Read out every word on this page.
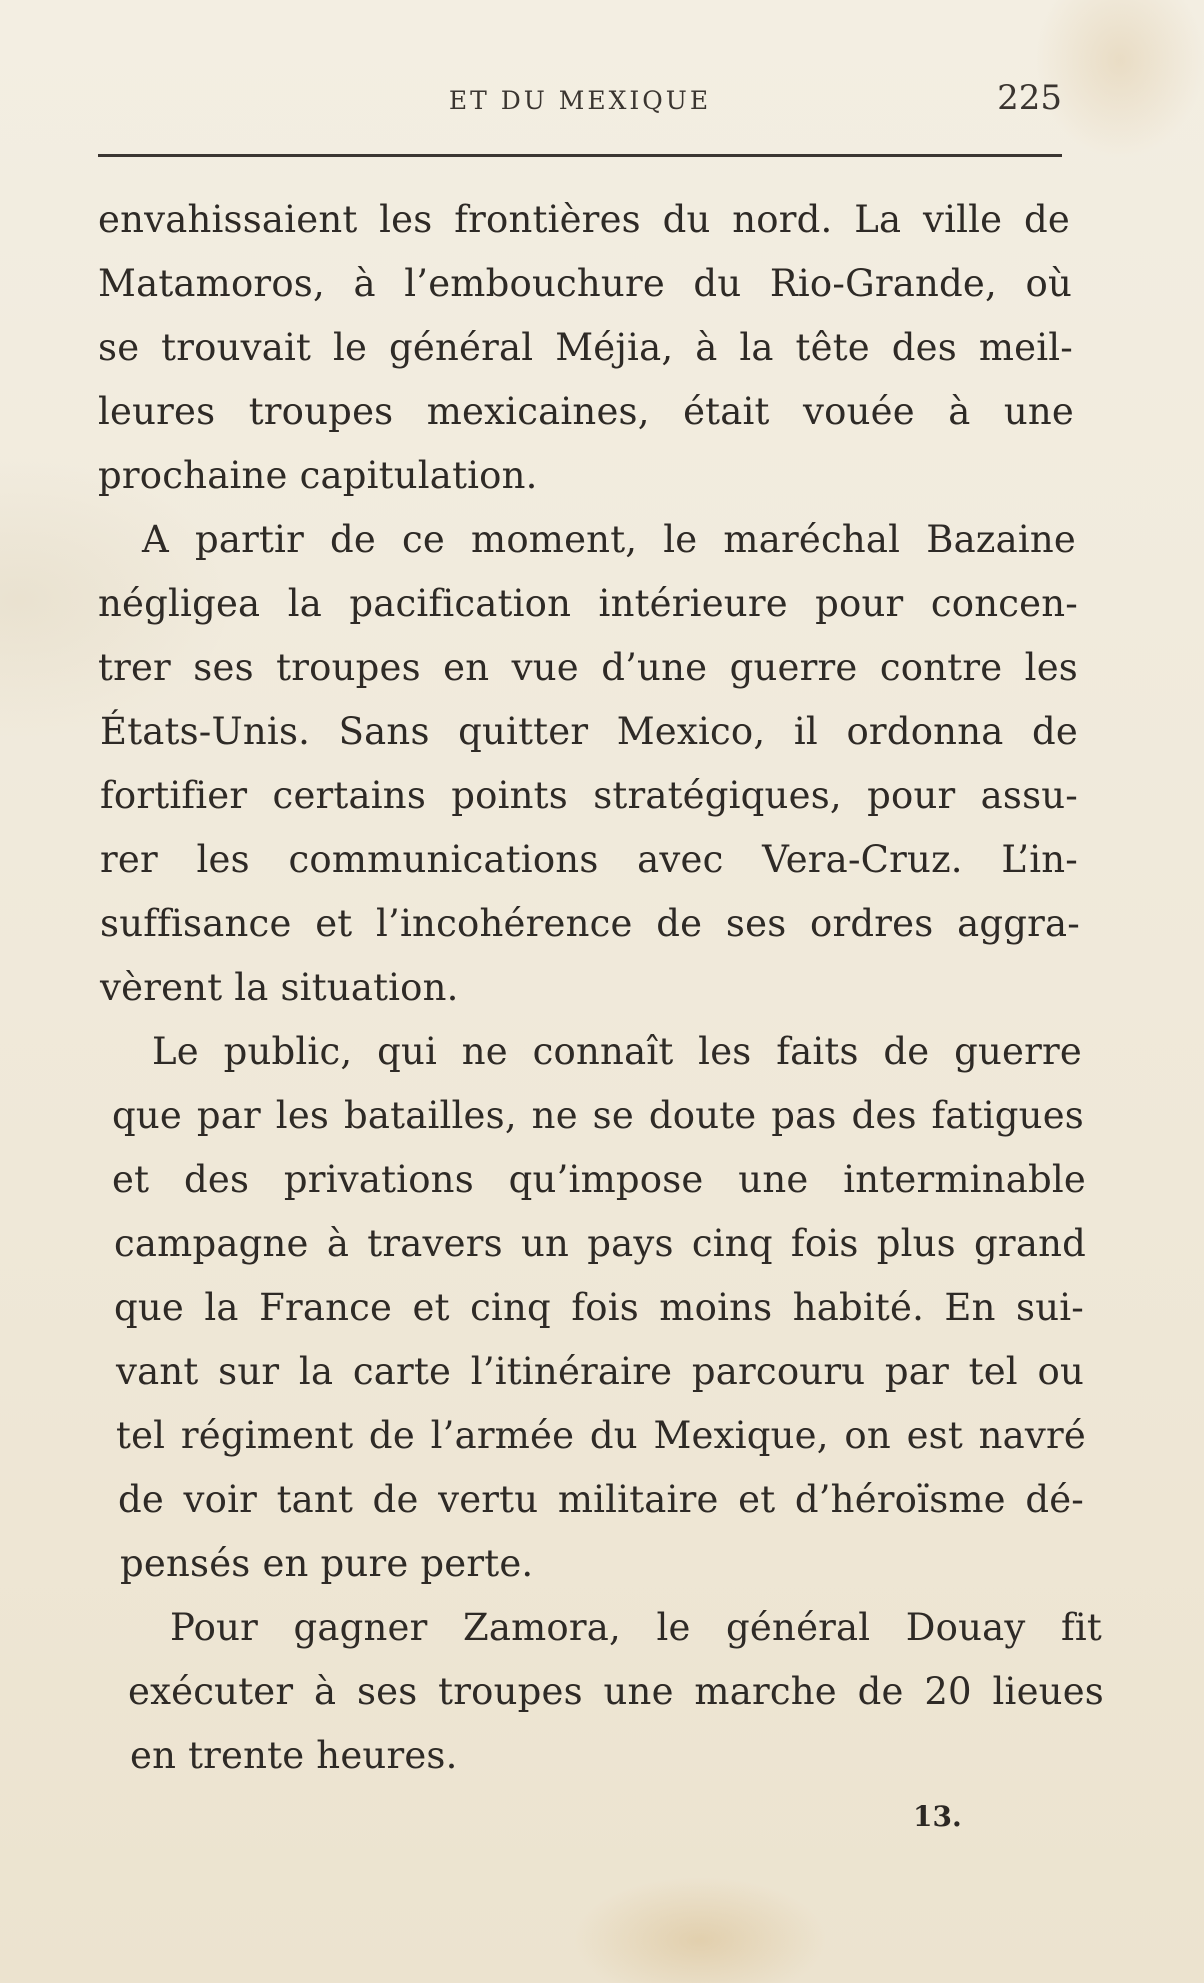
ET DU MEXIQUE	225
envahissaient les frontières du nord. La ville de
Matamoros, à l’embouchure du Rio-Grande, où
se trouvait le général Méjia, à la tête des meil-
leures troupes mexicaines, était vouée à une
prochaine capitulation.
A partir de ce moment, le maréchal Bazaine
négligea la pacification intérieure pour concen-
trer ses troupes en vue d’une guerre contre les
États-Unis. Sans quitter Mexico, il ordonna de
fortifier certains points stratégiques, pour assu-
rer les communications avec Vera-Cruz. L’in-
suffisance et l’incohérence de ses ordres aggra-
vèrent la situation.
Le public, qui ne connaît les faits de guerre
que par les batailles, ne se doute pas des fatigues
et des privations qu’impose une interminable
campagne à travers un pays cinq fois plus grand
que la France et cinq fois moins habité. En sui-
vant sur la carte l’itinéraire parcouru par tel ou
tel régiment de l’armée du Mexique, on est navré
de voir tant de vertu militaire et d’héroïsme dé-
pensés en pure perte.
Pour gagner Zamora, le général Douay fit
exécuter à ses troupes une marche de 20 lieues
en trente heures.
13.
